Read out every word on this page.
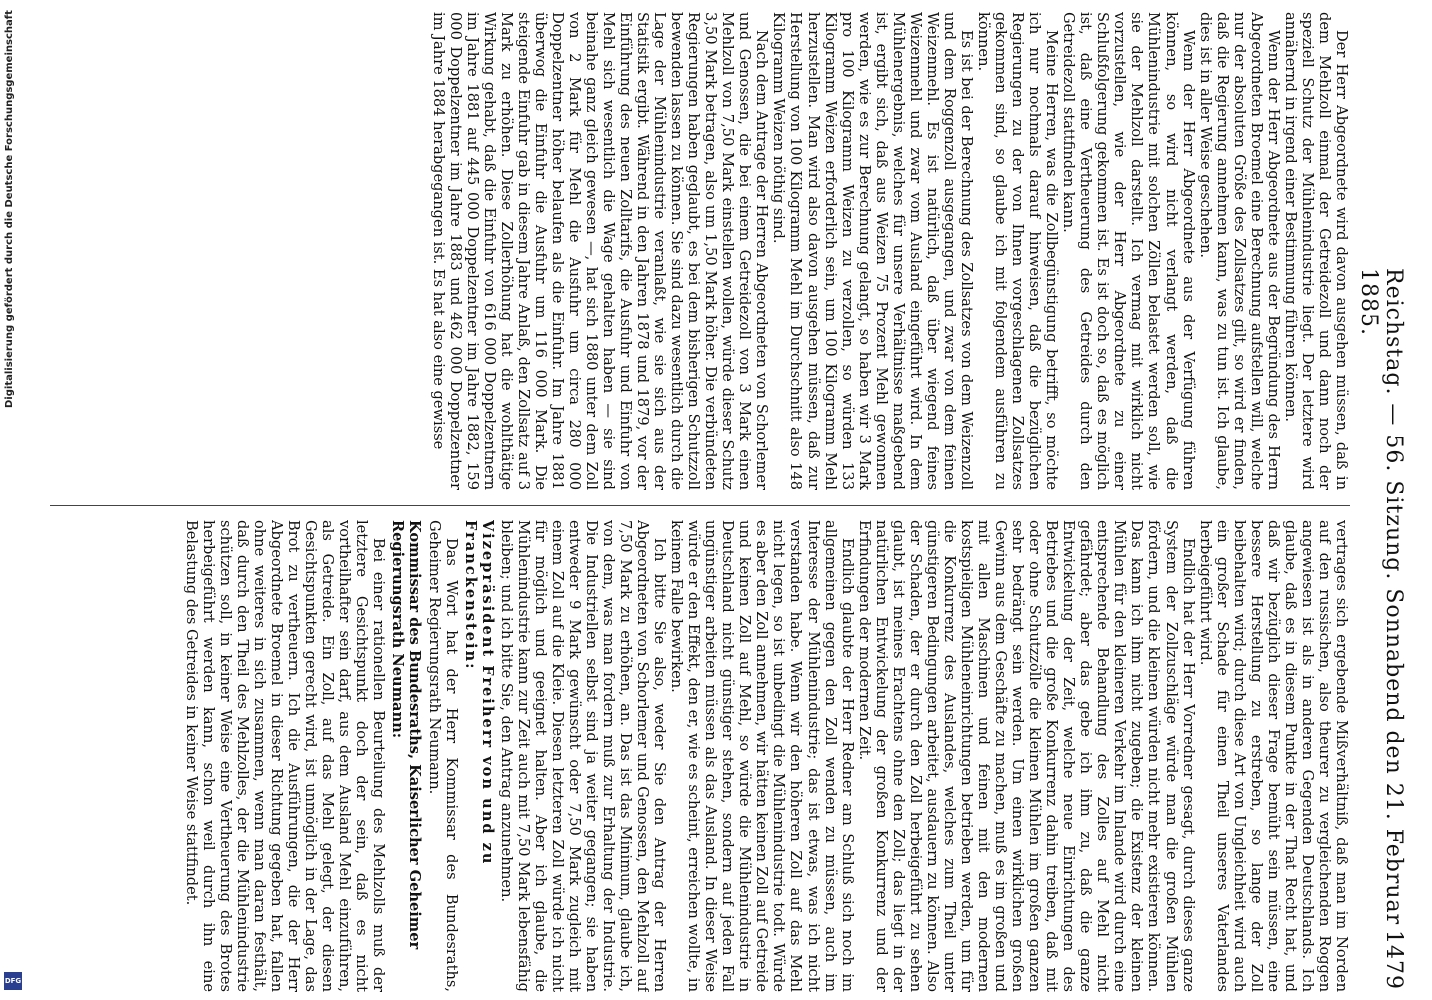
Reichstag. — 56. Sitzung. Sonnabend den 21. Februar 1885.
1479

Der Herr Abgeordnete wird davon ausgehen müssen, daß in dem Mehlzoll einmal der Getreidezoll und dann noch der speziell Schutz der Mühlenindustrie liegt. Der letztere wird annähernd in irgend einer Bestimmung führen können.

Wenn der Herr Abgeordnete aus der Begründung des Herrn Abgeordneten Broemel eine Berechnung aufstellen will, welche nur der absoluten Größe des Zollsatzes gilt, so wird er finden, daß die Regierung annehmen kann, was zu tun ist. Ich glaube, dies ist in aller Weise geschehen.

Wenn der Herr Abgeordnete aus der Verfügung führen können, so wird nicht verlangt werden, daß die Mühlenindustrie mit solchen Zöllen belastet werden soll, wie sie der Mehlzoll darstellt. Ich vermag mit wirklich nicht vorzustellen, wie der Herr Abgeordnete zu einer Schlußfolgerung gekommen ist. Es ist doch so, daß es möglich ist, daß eine Vertheuerung des Getreides durch den Getreidezoll stattfinden kann.

Meine Herren, was die Zollbegünstigung betrifft, so möchte ich nur nochmals darauf hinweisen, daß die bezüglichen Regierungen zu der von Ihnen vorgeschlagenen Zollsatzes gekommen sind, so glaube ich mit folgendem ausführen zu können.

Es ist bei der Berechnung des Zollsatzes von dem Weizenzoll und dem Roggenzoll ausgegangen, und zwar von dem feinen Weizenmehl. Es ist natürlich, daß über wiegend feines Weizenmehl und zwar vom Ausland eingeführt wird. In dem Mühlenergebnis, welches für unsere Verhältnisse maßgebend ist, ergibt sich, daß aus Weizen 75 Prozent Mehl gewonnen werden, wie es zur Berechnung gelangt, so haben wir 3 Mark pro 100 Kilogramm Weizen zu verzollen, so würden 133 Kilogramm Weizen erforderlich sein, um 100 Kilogramm Mehl herzustellen. Man wird also davon ausgehen müssen, daß zur Herstellung von 100 Kilogramm Mehl im Durchschnitt also 148 Kilogramm Weizen nöthig sind.

Nach dem Antrage der Herren Abgeordneten von Schorlemer und Genossen, die bei einem Getreidezoll von 3 Mark einen Mehlzoll von 7,50 Mark einstellen wollen, würde dieser Schutz 3,50 Mark betragen, also um 1,50 Mark höher. Die verbündeten Regierungen haben geglaubt, es bei dem bisherigen Schutzzoll bewenden lassen zu können. Sie sind dazu wesentlich durch die Lage der Mühlenindustrie veranlaßt, wie sie sich aus der Statistik ergibt. Während in den Jahren 1878 und 1879, vor der Einführung des neuen Zolltarifs, die Ausfuhr und Einfuhr von Mehl sich wesentlich die Wage gehalten haben — sie sind beinahe ganz gleich gewesen —, hat sich 1880 unter dem Zoll von 2 Mark für Mehl die Ausfuhr um circa 280 000 Doppelzentner höher belaufen als die Einfuhr. Im Jahre 1881 überwog die Einfuhr die Ausfuhr um 116 000 Mark. Die steigende Einfuhr gab in diesem Jahre Anlaß, den Zollsatz auf 3 Mark zu erhöhen. Diese Zollerhöhung hat die wohlthätige Wirkung gehabt, daß die Einfuhr von 616 000 Doppelzentnern im Jahre 1881 auf 445 000 Doppelzentner im Jahre 1882, 159 000 Doppelzentner im Jahre 1883 und 462 000 Doppelzentner im Jahre 1884 herabgegangen ist. Es hat also eine gewisse

vertrages sich ergebende Mißverhältniß, daß man im Norden auf den russischen, also theurer zu vergleichenden Roggen angewiesen ist als in anderen Gegenden Deutschlands. Ich glaube, daß es in diesem Punkte in der That Recht hat, und daß wir bezüglich dieser Frage bemüht sein müssen, eine bessere Herstellung zu erstreben, so lange der Zoll beibehalten wird; durch diese Art von Ungleichheit wird auch ein großer Schade für einen Theil unseres Vaterlandes herbeigeführt wird.

Endlich hat der Herr Vorredner gesagt, durch dieses ganze System der Zollzuschläge würde man die großen Mühlen fördern, und die kleinen würden nicht mehr existieren können. Das kann ich ihm nicht zugeben; die Existenz der kleinen Mühlen für den kleineren Verkehr im Inlande wird durch eine entsprechende Behandlung des Zolles auf Mehl nicht gefährdet; aber das gebe ich ihm zu, daß die ganze Entwickelung der Zeit, welche neue Einrichtungen des Betriebes und die große Konkurrenz dahin treiben, daß mit oder ohne Schutzzölle die kleinen Mühlen im großen ganzen sehr bedrängt sein werden. Um einen wirklichen großen Gewinn aus dem Geschäfte zu machen, muß es im großen und mit allen Maschinen und feinen mit den modernen kostspieligen Mühleneinrichtungen betrieben werden, um für die Konkurrenz des Auslandes, welches zum Theil unter günstigeren Bedingungen arbeitet, ausdauern zu können. Also der Schaden, der er durch den Zoll herbeigeführt zu sehen glaubt, ist meines Erachtens ohne den Zoll; das liegt in der natürlichen Entwickelung der großen Konkurrenz und der Erfindungen der modernen Zeit.

Endlich glaubte der Herr Redner am Schluß sich noch im allgemeinen gegen den Zoll wenden zu müssen, auch im Interesse der Mühlenindustrie; das ist etwas, was ich nicht verstanden habe. Wenn wir den höheren Zoll auf das Mehl nicht legen, so ist unbedingt die Mühlenindustrie todt. Würde es aber den Zoll annehmen, wir hätten keinen Zoll auf Getreide und keinen Zoll auf Mehl, so würde die Mühlenindustrie in Deutschland nicht günstiger stehen, sondern auf jeden Fall ungünstiger arbeiten müssen als das Ausland. In dieser Weise würde er den Effekt, den er, wie es scheint, erreichen wollte, in keinem Falle bewirken.

Ich bitte Sie also, weder Sie den Antrag der Herren Abgeordneten von Schorlemer und Genossen, den Mehlzoll auf 7,50 Mark zu erhöhen, an. Das ist das Minimum, glaube ich, von dem, was man fordern muß zur Erhaltung der Industrie. Die Industriellen selbst sind ja weiter gegangen; sie haben entweder 9 Mark gewünscht oder 7,50 Mark zugleich mit einem Zoll auf die Kleie. Diesen letzteren Zoll würde ich nicht für möglich und geeignet halten. Aber ich glaube, die Mühlenindustrie kann zur Zeit auch mit 7,50 Mark lebensfähig bleiben; und ich bitte Sie, den Antrag anzunehmen.

Vizepräsident Freiherr von und zu Franckenstein:

Das Wort hat der Herr Kommissar des Bundesraths, Geheimer Regierungsrath Neumann.

Kommissar des Bundesraths, Kaiserlicher Geheimer Regierungsrath Neumann:

Bei einer rationellen Beurteilung des Mehlzolls muß der letztere Gesichtspunkt doch der sein, daß es nicht vortheilhafter sein darf, aus dem Ausland Mehl einzuführen, als Getreide. Ein Zoll, auf das Mehl gelegt, der diesen Gesichtspunkten gerecht wird, ist unmöglich in der Lage, das Brot zu vertheuern. Ich die Ausführungen, die der Herr Abgeordnete Broemel in dieser Richtung gegeben hat, fallen ohne weiteres in sich zusammen, wenn man daran festhält, daß durch den Theil des Mehlzolles, der die Mühlenindustrie schützen soll, in keiner Weise eine Vertheuerung des Brotes herbeigeführt werden kann, schon weil durch ihn eine Belastung des Getreides in keiner Weise stattfindet.

Digitalisierung gefördert durch die Deutsche Forschungsgemeinschaft
DFG
